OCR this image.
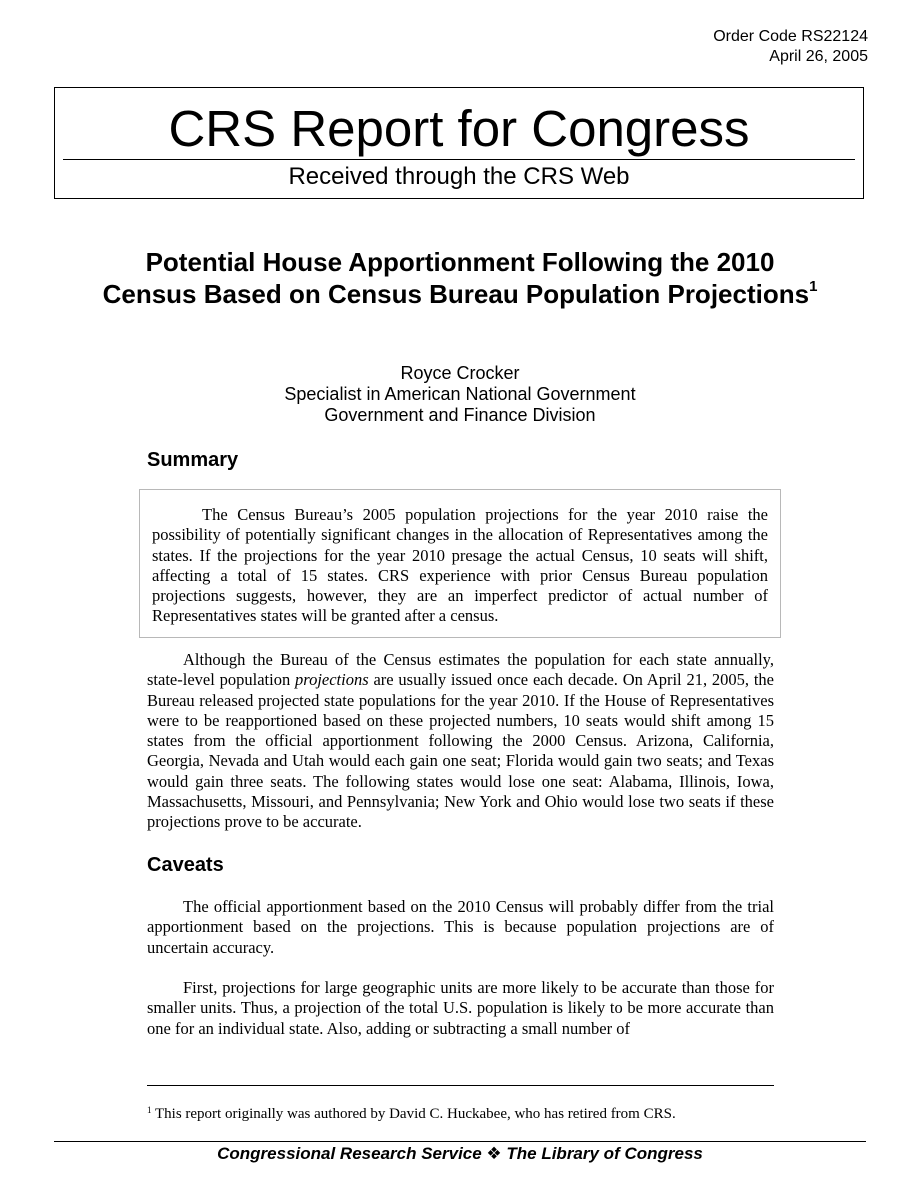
Order Code RS22124
April 26, 2005
CRS Report for Congress
Received through the CRS Web
Potential House Apportionment Following the 2010 Census Based on Census Bureau Population Projections$^1$
Royce Crocker
Specialist in American National Government
Government and Finance Division
Summary

The Census Bureau’s 2005 population projections for the year 2010 raise the possibility of potentially significant changes in the allocation of Representatives among the states. If the projections for the year 2010 presage the actual Census, 10 seats will shift, affecting a total of 15 states. CRS experience with prior Census Bureau population projections suggests, however, they are an imperfect predictor of actual number of Representatives states will be granted after a census.

Although the Bureau of the Census estimates the population for each state annually, state-level population projections are usually issued once each decade. On April 21, 2005, the Bureau released projected state populations for the year 2010. If the House of Representatives were to be reapportioned based on these projected numbers, 10 seats would shift among 15 states from the official apportionment following the 2000 Census. Arizona, California, Georgia, Nevada and Utah would each gain one seat; Florida would gain two seats; and Texas would gain three seats. The following states would lose one seat: Alabama, Illinois, Iowa, Massachusetts, Missouri, and Pennsylvania; New York and Ohio would lose two seats if these projections prove to be accurate.

Caveats

The official apportionment based on the 2010 Census will probably differ from the trial apportionment based on the projections. This is because population projections are of uncertain accuracy.

First, projections for large geographic units are more likely to be accurate than those for smaller units. Thus, a projection of the total U.S. population is likely to be more accurate than one for an individual state. Also, adding or subtracting a small number of

$^1$ This report originally was authored by David C. Huckabee, who has retired from CRS.
Congressional Research Service ❖ The Library of Congress
